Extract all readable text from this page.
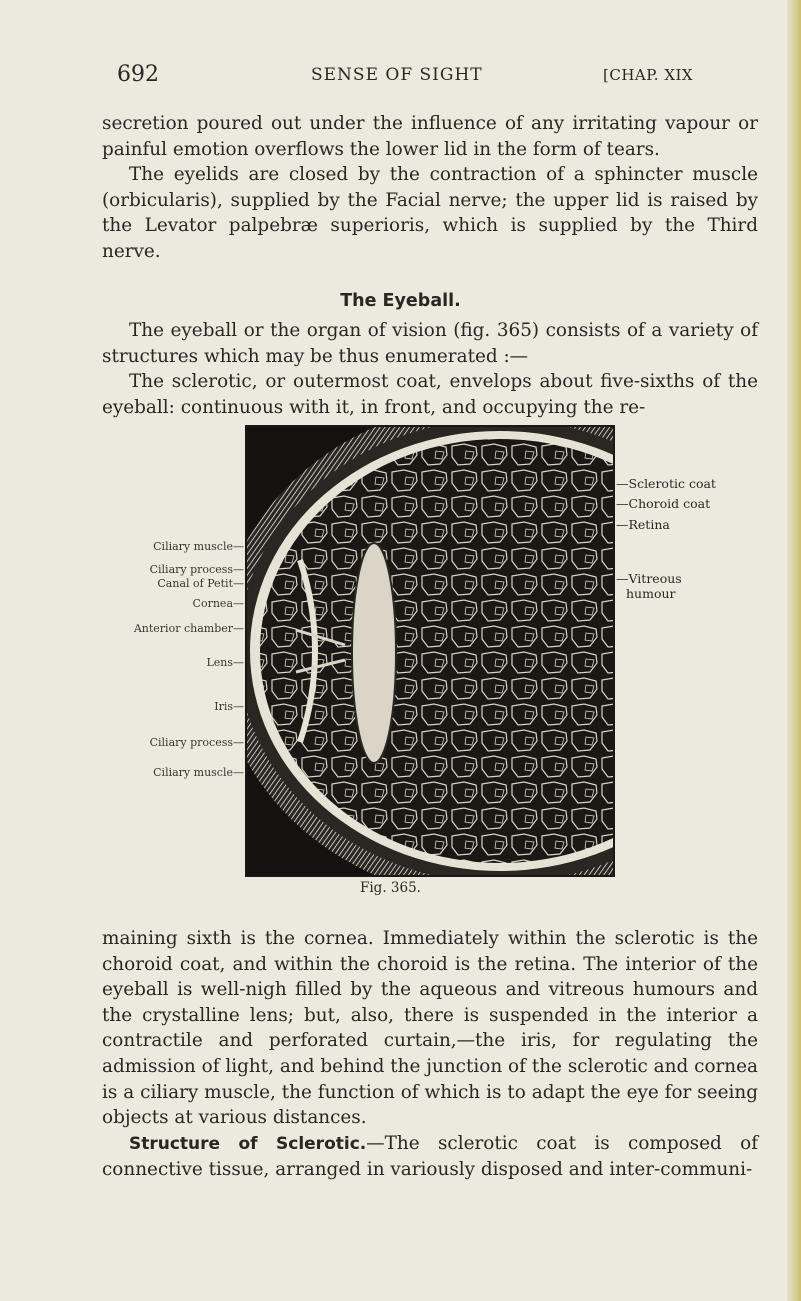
692	SENSE OF SIGHT	[CHAP. XIX

secretion poured out under the influence of any irritating vapour or painful emotion overflows the lower lid in the form of tears.

The eyelids are closed by the contraction of a sphincter muscle (orbicularis), supplied by the Facial nerve; the upper lid is raised by the Levator palpebræ superioris, which is supplied by the Third nerve.

The Eyeball.

The eyeball or the organ of vision (fig. 365) consists of a variety of structures which may be thus enumerated :—

The sclerotic, or outermost coat, envelops about five-sixths of the eyeball: continuous with it, in front, and occupying the re-

Ciliary muscle—
Ciliary process—
Canal of Petit—
Cornea—
Anterior chamber—
Lens—
Iris—
Ciliary process—
Ciliary muscle—
—Sclerotic coat
—Choroid coat
—Retina
—Vitreous
humour
Fig. 365.

maining sixth is the cornea. Immediately within the sclerotic is the choroid coat, and within the choroid is the retina. The interior of the eyeball is well-nigh filled by the aqueous and vitreous humours and the crystalline lens; but, also, there is suspended in the interior a contractile and perforated curtain,—the iris, for regulating the admission of light, and behind the junction of the sclerotic and cornea is a ciliary muscle, the function of which is to adapt the eye for seeing objects at various distances.

Structure of Sclerotic.—The sclerotic coat is composed of connective tissue, arranged in variously disposed and inter-communi-
